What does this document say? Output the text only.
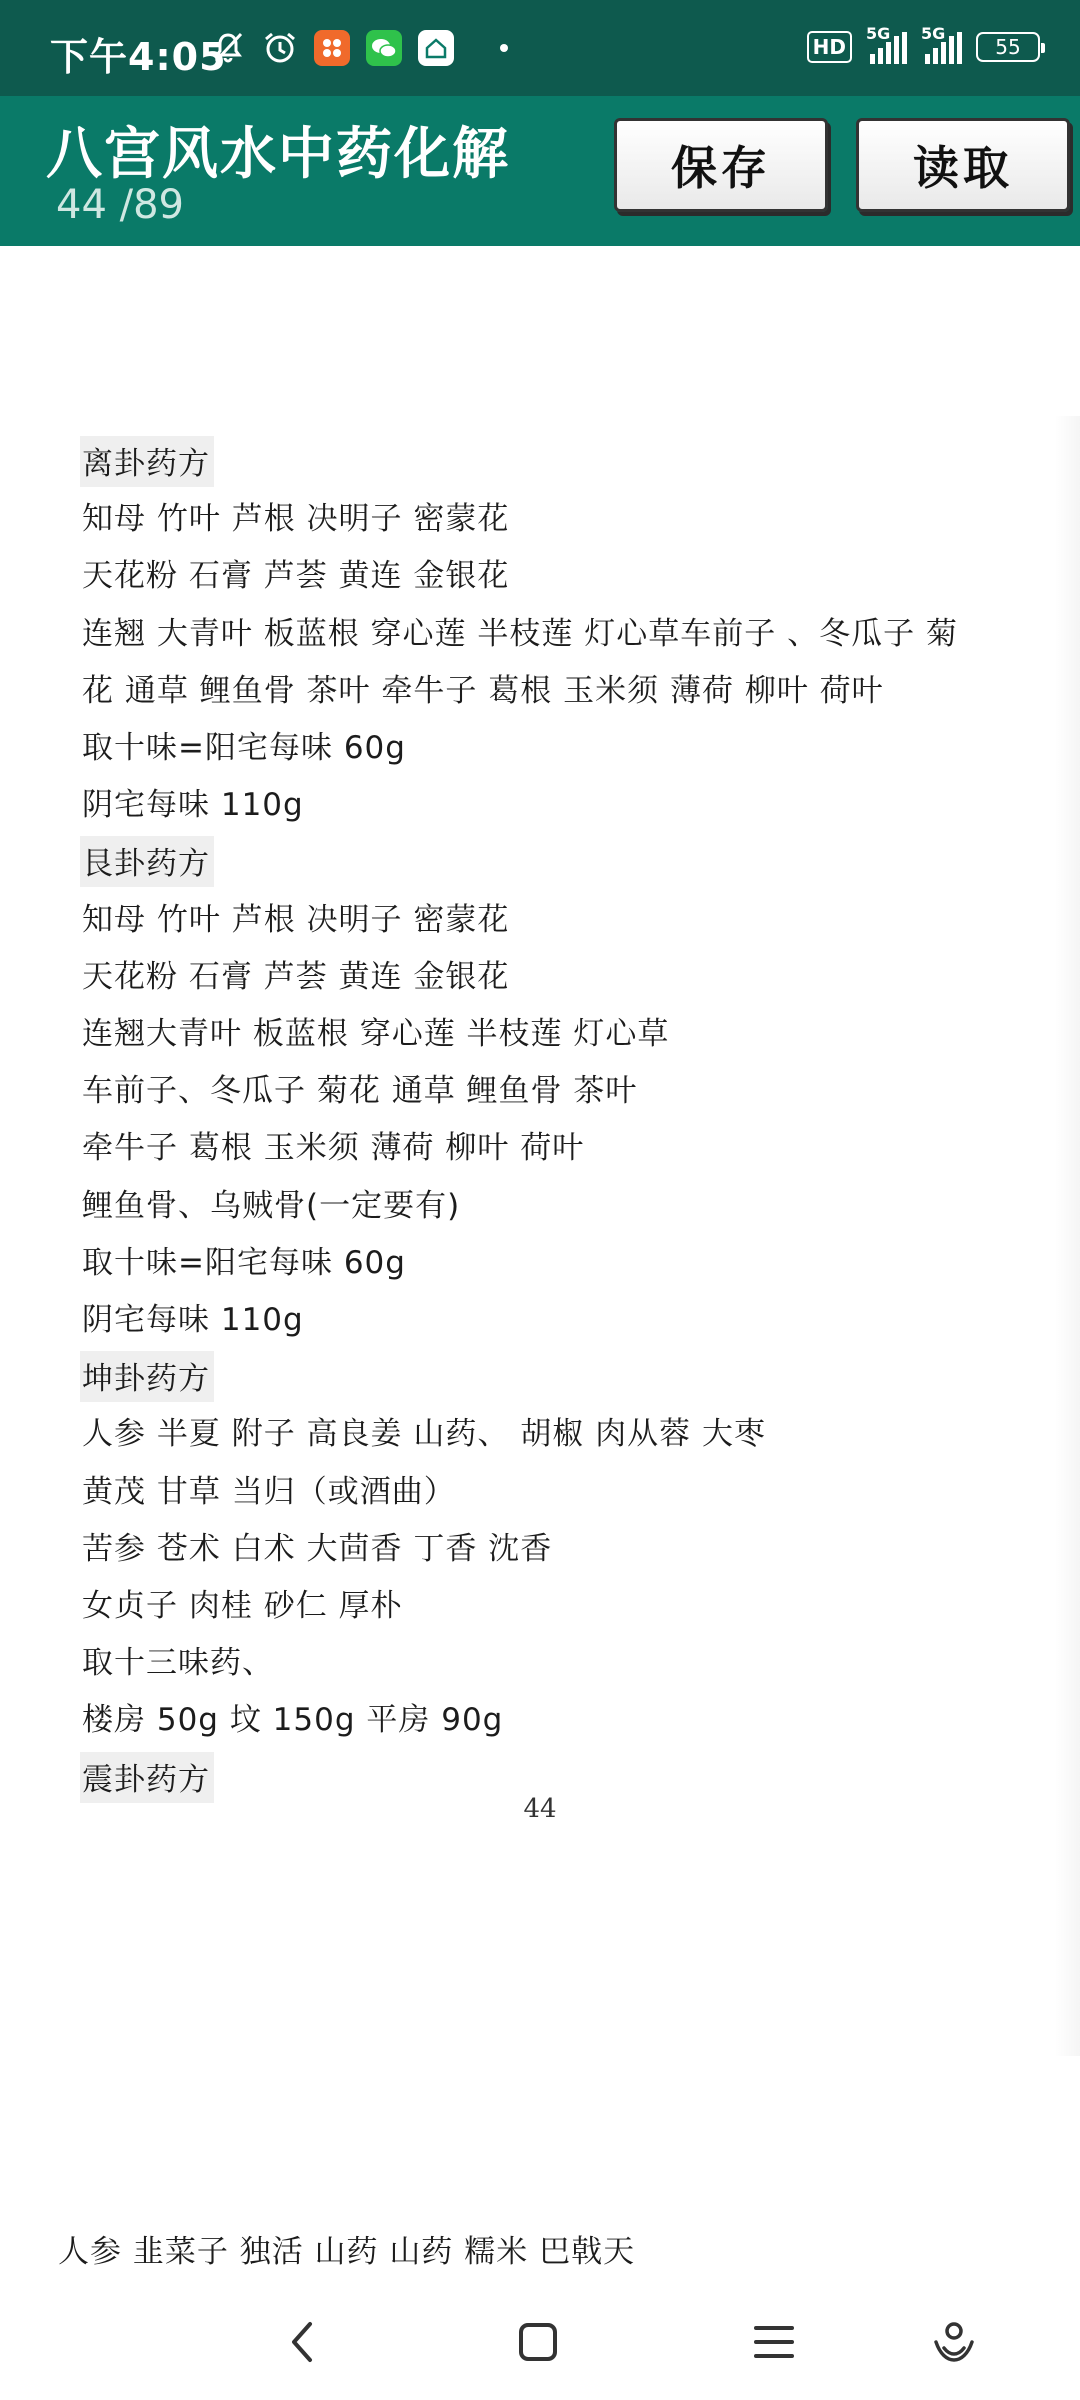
下午4:05	HD
5G 5G
55
八宫风水中药化解
44 /89
保存	读取
离卦药方
知母 竹叶 芦根 决明子 密蒙花
天花粉 石膏 芦荟 黄连 金银花
连翘 大青叶 板蓝根 穿心莲 半枝莲 灯心草车前子 、冬瓜子 菊
花 通草 鲤鱼骨 茶叶 牵牛子 葛根 玉米须 薄荷 柳叶 荷叶
取十味=阳宅每味 60g
阴宅每味 110g
艮卦药方
知母 竹叶 芦根 决明子 密蒙花
天花粉 石膏 芦荟 黄连 金银花
连翘大青叶 板蓝根 穿心莲 半枝莲 灯心草
车前子、冬瓜子 菊花 通草 鲤鱼骨 茶叶
牵牛子 葛根 玉米须 薄荷 柳叶 荷叶
鲤鱼骨、乌贼骨(一定要有)
取十味=阳宅每味 60g
阴宅每味 110g
坤卦药方
人参 半夏 附子 高良姜 山药、 胡椒 肉从蓉 大枣
黄茂 甘草 当归（或酒曲）
苦参 苍术 白术 大茴香 丁香 沈香
女贞子 肉桂 砂仁 厚朴
取十三味药、
楼房 50g 坟 150g 平房 90g
震卦药方
44
人参 韭菜子 独活 山药 山药 糯米 巴戟天
